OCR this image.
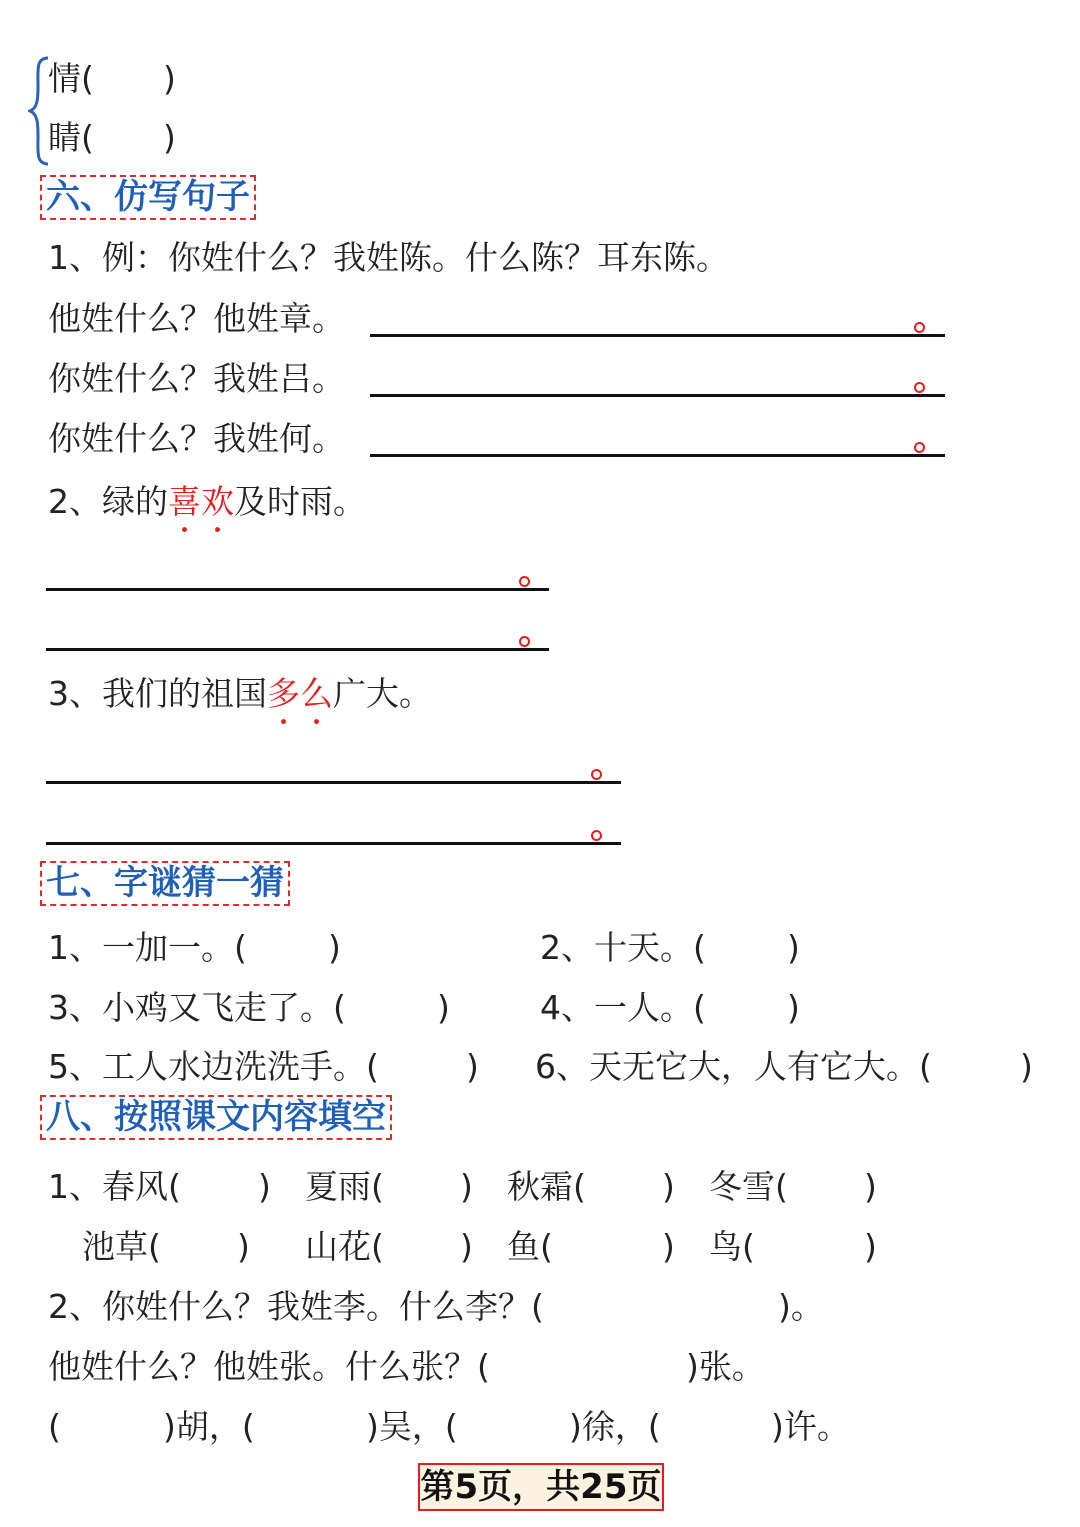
情( )
睛( )
六、仿写句子
1、例：你姓什么？我姓陈。什么陈？耳东陈。
他姓什么？他姓章。
你姓什么？我姓吕。
你姓什么？我姓何。
2、绿的喜欢及时雨。
3、我们的祖国多么广大。
七、字谜猜一猜
1、一加一。( )	2、十天。( )
3、小鸡又飞走了。(	)	4、一人。( )
5、工人水边洗洗手。(	) 6、天无它大，人有它大。(	)
八、按照课文内容填空
1、春风( ) 夏雨( ) 秋霜( ) 冬雪( )
池草( ) 山花( ) 鱼(	) 鸟(	)
2、你姓什么？我姓李。什么李？(	)。
他姓什么？他姓张。什么张？(	)张。
(	)胡，(	)吴，(	)徐，(	)许。
第5页，共25页
